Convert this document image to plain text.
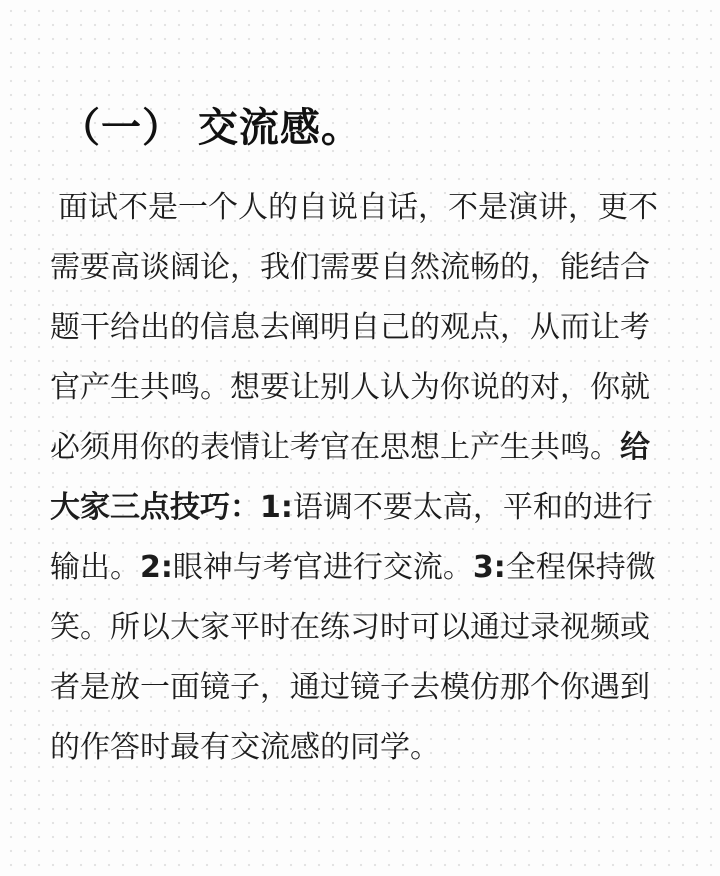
（一） 交流感。

面试不是一个人的自说自话，不是演讲，更不需要高谈阔论，我们需要自然流畅的，能结合题干给出的信息去阐明自己的观点，从而让考官产生共鸣。想要让别人认为你说的对，你就必须用你的表情让考官在思想上产生共鸣。给大家三点技巧：1:语调不要太高，平和的进行输出。2:眼神与考官进行交流。3:全程保持微笑。所以大家平时在练习时可以通过录视频或者是放一面镜子，通过镜子去模仿那个你遇到的作答时最有交流感的同学。
